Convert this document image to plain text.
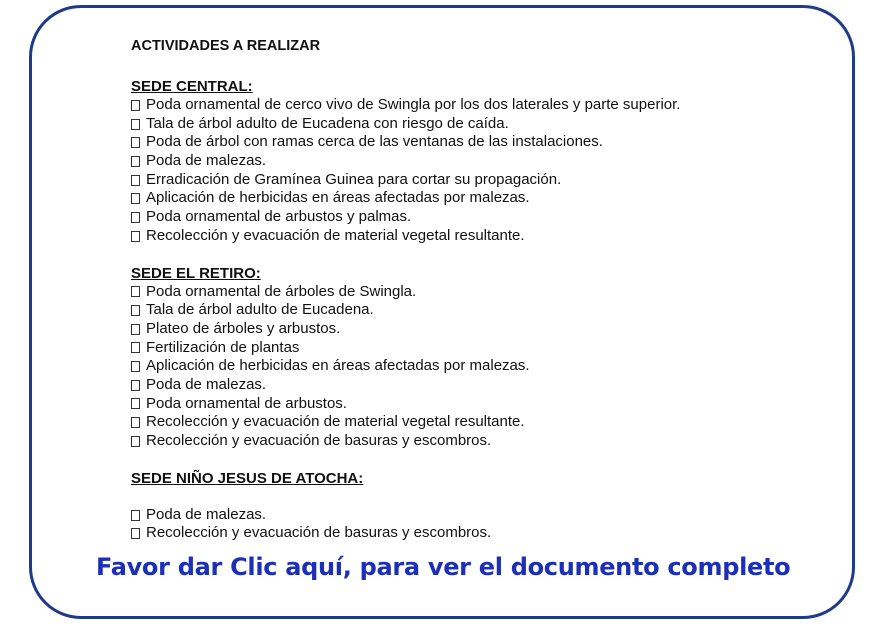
ACTIVIDADES A REALIZAR
SEDE CENTRAL:
Poda ornamental de cerco vivo de Swingla por los dos laterales y parte superior.
Tala de árbol adulto de Eucadena con riesgo de caída.
Poda de árbol con ramas cerca de las ventanas de las instalaciones.
Poda de malezas.
Erradicación de Gramínea Guinea para cortar su propagación.
Aplicación de herbicidas en áreas afectadas por malezas.
Poda ornamental de arbustos y palmas.
Recolección y evacuación de material vegetal resultante.
SEDE EL RETIRO:
Poda ornamental de árboles de Swingla.
Tala de árbol adulto de Eucadena.
Plateo de árboles y arbustos.
Fertilización de plantas
Aplicación de herbicidas en áreas afectadas por malezas.
Poda de malezas.
Poda ornamental de arbustos.
Recolección y evacuación de material vegetal resultante.
Recolección y evacuación de basuras y escombros.
SEDE NIÑO JESUS DE ATOCHA:
Poda de malezas.
Recolección y evacuación de basuras y escombros.
Favor dar Clic aquí, para ver el documento completo
